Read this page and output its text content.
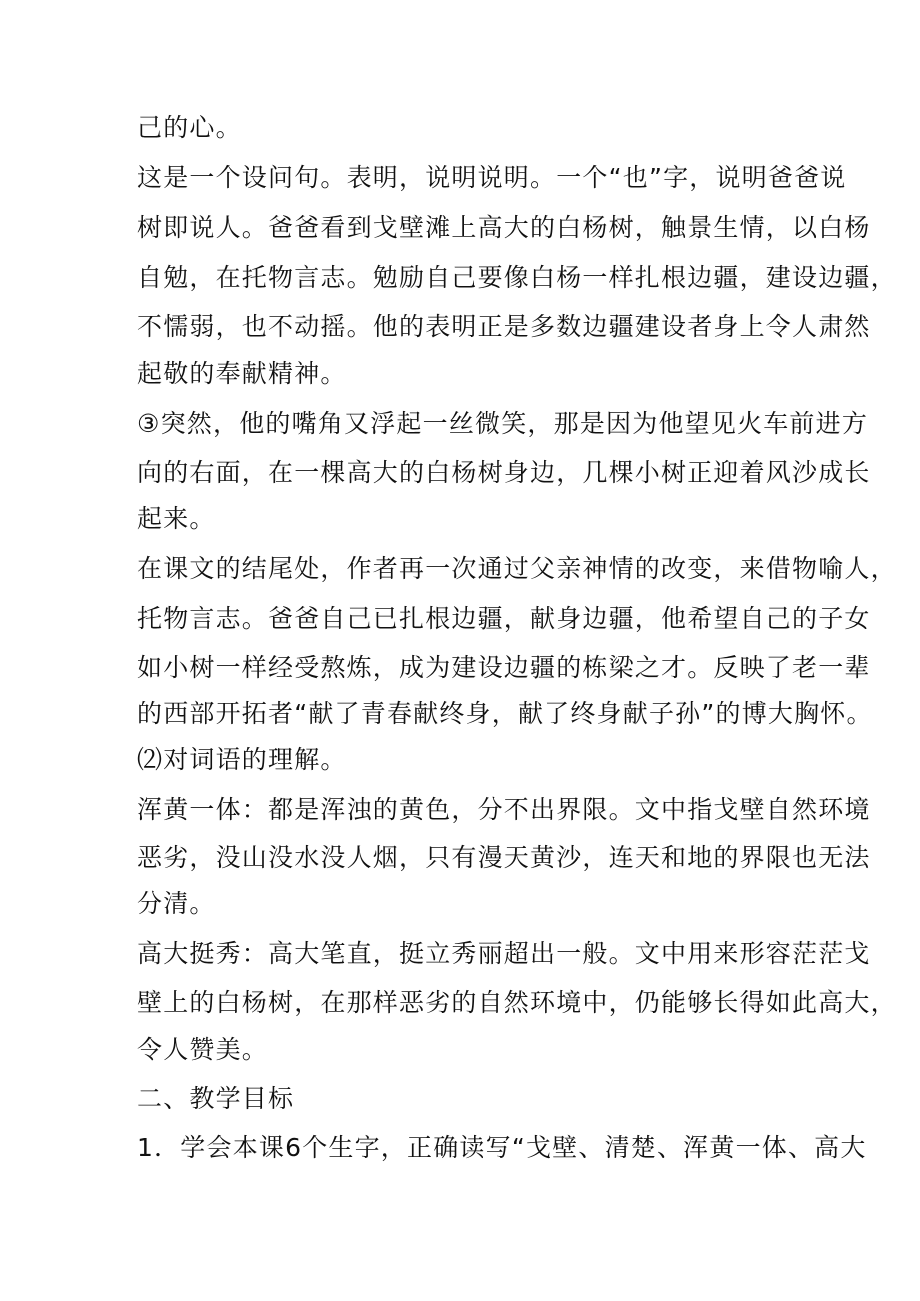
己的心。
这是一个设问句。表明，说明说明。一个“也”字，说明爸爸说
树即说人。爸爸看到戈壁滩上高大的白杨树，触景生情，以白杨
自勉，在托物言志。勉励自己要像白杨一样扎根边疆，建设边疆，
不懦弱，也不动摇。他的表明正是多数边疆建设者身上令人肃然
起敬的奉献精神。
③突然，他的嘴角又浮起一丝微笑，那是因为他望见火车前进方
向的右面，在一棵高大的白杨树身边，几棵小树正迎着风沙成长
起来。
在课文的结尾处，作者再一次通过父亲神情的改变，来借物喻人，
托物言志。爸爸自己已扎根边疆，献身边疆，他希望自己的子女
如小树一样经受熬炼，成为建设边疆的栋梁之才。反映了老一辈
的西部开拓者“献了青春献终身，献了终身献子孙”的博大胸怀。
⑵对词语的理解。
浑黄一体：都是浑浊的黄色，分不出界限。文中指戈壁自然环境
恶劣，没山没水没人烟，只有漫天黄沙，连天和地的界限也无法
分清。
高大挺秀：高大笔直，挺立秀丽超出一般。文中用来形容茫茫戈
壁上的白杨树，在那样恶劣的自然环境中，仍能够长得如此高大，
令人赞美。
二、教学目标
1．学会本课6个生字，正确读写“戈壁、清楚、浑黄一体、高大
